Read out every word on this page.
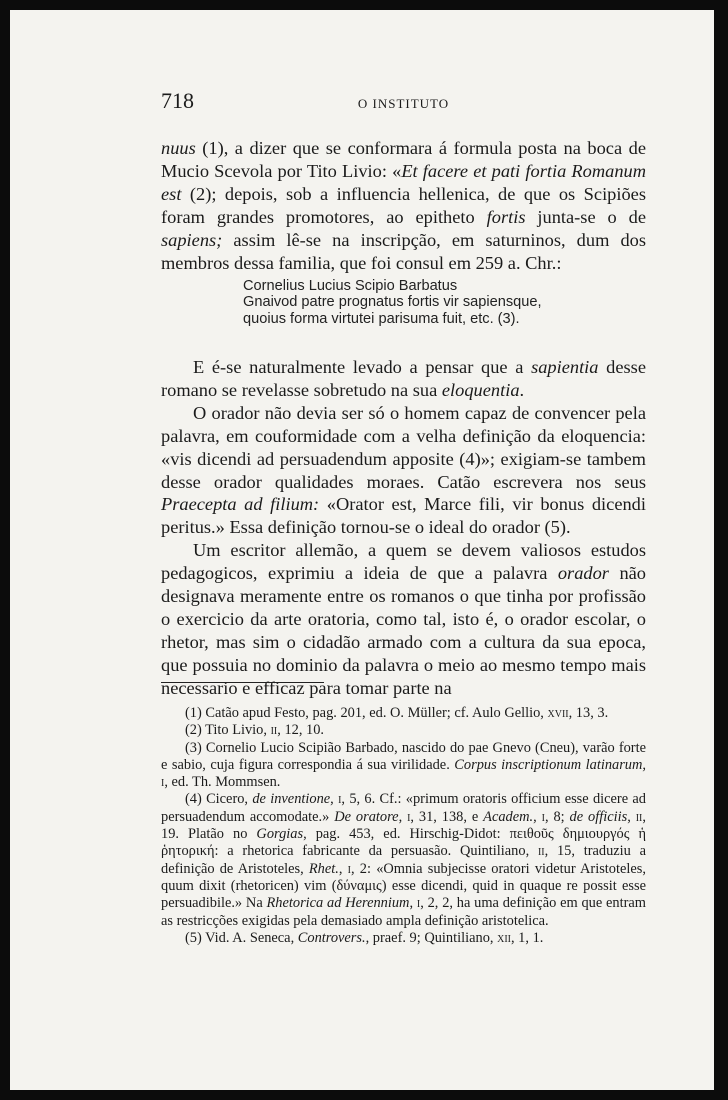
718	O INSTITUTO

nuus (1), a dizer que se conformara á formula posta na boca de Mucio Scevola por Tito Livio: «Et facere et pati fortia Romanum est (2); depois, sob a influencia hellenica, de que os Scipiões foram grandes promotores, ao epitheto fortis junta-se o de sapiens; assim lê-se na inscripção, em saturninos, dum dos membros dessa familia, que foi consul em 259 a. Chr.:

Cornelius Lucius Scipio Barbatus
Gnaivod patre prognatus fortis vir sapiensque,
quoius forma virtutei parisuma fuit, etc. (3).

E é-se naturalmente levado a pensar que a sapientia desse romano se revelasse sobretudo na sua eloquentia.

O orador não devia ser só o homem capaz de convencer pela palavra, em couformidade com a velha definição da eloquencia: «vis dicendi ad persuadendum apposite (4)»; exigiam-se tambem desse orador qualidades moraes. Catão escrevera nos seus Praecepta ad filium: «Orator est, Marce fili, vir bonus dicendi peritus.» Essa definição tornou-se o ideal do orador (5).

Um escritor allemão, a quem se devem valiosos estudos pedagogicos, exprimiu a ideia de que a palavra orador não designava meramente entre os romanos o que tinha por profissão o exercicio da arte oratoria, como tal, isto é, o orador escolar, o rhetor, mas sim o cidadão armado com a cultura da sua epoca, que possuia no dominio da palavra o meio ao mesmo tempo mais necessario e efficaz para tomar parte na

(1) Catão apud Festo, pag. 201, ed. O. Müller; cf. Aulo Gellio, xvii, 13, 3.

(2) Tito Livio, ii, 12, 10.

(3) Cornelio Lucio Scipião Barbado, nascido do pae Gnevo (Cneu), varão forte e sabio, cuja figura correspondia á sua virilidade. Corpus inscriptionum latinarum, i, ed. Th. Mommsen.

(4) Cicero, de inventione, i, 5, 6. Cf.: «primum oratoris officium esse dicere ad persuadendum accomodate.» De oratore, i, 31, 138, e Academ., i, 8; de officiis, ii, 19. Platão no Gorgias, pag. 453, ed. Hirschig-Didot: πειθοῦς δημιουργός ἡ ῥητορική: a rhetorica fabricante da persuasão. Quintiliano, ii, 15, traduziu a definição de Aristoteles, Rhet., i, 2: «Omnia subjecisse oratori videtur Aristoteles, quum dixit (rhetoricen) vim (δύναμις) esse dicendi, quid in quaque re possit esse persuadibile.» Na Rhetorica ad Herennium, i, 2, 2, ha uma definição em que entram as restricções exigidas pela demasiado ampla definição aristotelica.

(5) Vid. A. Seneca, Controvers., praef. 9; Quintiliano, xii, 1, 1.
